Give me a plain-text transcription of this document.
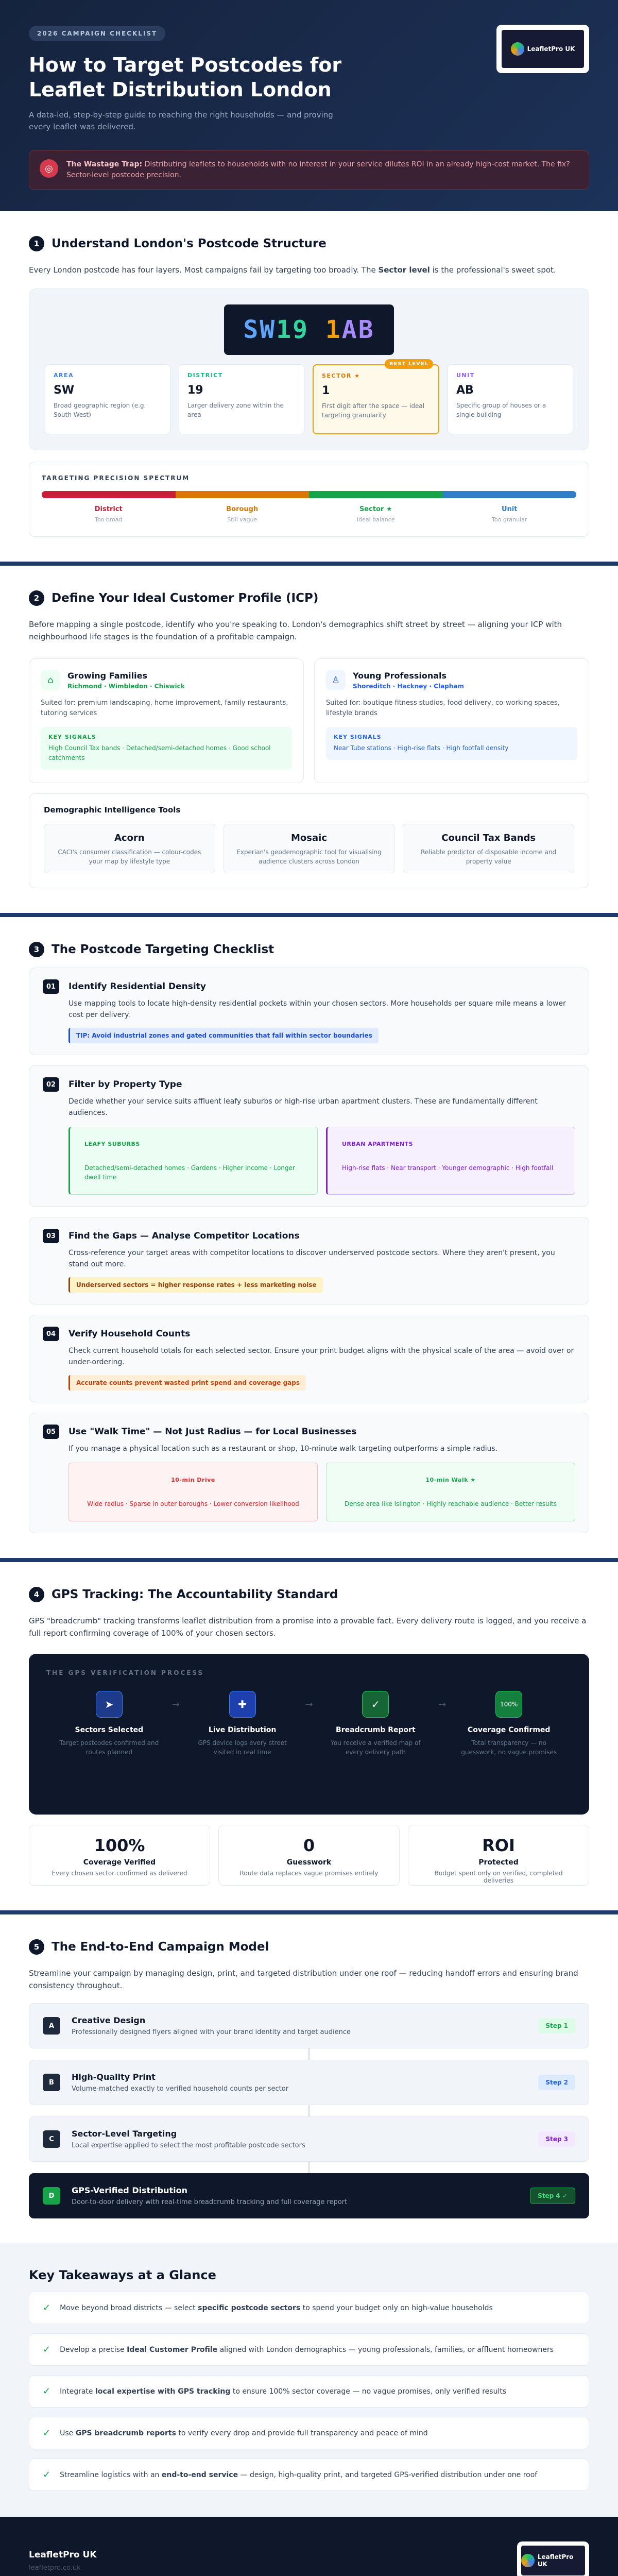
2026 CAMPAIGN CHECKLIST
How to Target Postcodes for Leaflet Distribution London

A data-led, step-by-step guide to reaching the right households — and proving every leaflet was delivered.

LeafletPro UK
◎	The Wastage Trap: Distributing leaflets to households with no interest in your service dilutes ROI in an already high-cost market. The fix? Sector-level postcode precision.

1	Understand London's Postcode Structure

Every London postcode has four layers. Most campaigns fail by targeting too broadly. The Sector level is the professional's sweet spot.

SW 19
1 AB
AREA
SW
Broad geographic region (e.g. South West)
DISTRICT
19
Larger delivery zone within the area
BEST LEVEL
SECTOR ★
1
First digit after the space — ideal targeting granularity
UNIT
AB
Specific group of houses or a single building
TARGETING PRECISION SPECTRUM
District
Too broad
Borough
Still vague
Sector ★
Ideal balance
Unit
Too granular
2	Define Your Ideal Customer Profile (ICP)

Before mapping a single postcode, identify who you're speaking to. London's demographics shift street by street — aligning your ICP with neighbourhood life stages is the foundation of a profitable campaign.

⌂	Growing Families
Richmond · Wimbledon · Chiswick

Suited for: premium landscaping, home improvement, family restaurants, tutoring services

KEY SIGNALS
High Council Tax bands · Detached/semi-detached homes · Good school catchments
♙	Young Professionals
Shoreditch · Hackney · Clapham

Suited for: boutique fitness studios, food delivery, co-working spaces, lifestyle brands

KEY SIGNALS
Near Tube stations · High-rise flats · High footfall density
Demographic Intelligence Tools
Acorn
CACI's consumer classification — colour-codes your map by lifestyle type
Mosaic
Experian's geodemographic tool for visualising audience clusters across London
Council Tax Bands
Reliable predictor of disposable income and property value
3	The Postcode Targeting Checklist
01	Identify Residential Density

Use mapping tools to locate high-density residential pockets within your chosen sectors. More households per square mile means a lower cost per delivery.

TIP: Avoid industrial zones and gated communities that fall within sector boundaries
02	Filter by Property Type

Decide whether your service suits affluent leafy suburbs or high-rise urban apartment clusters. These are fundamentally different audiences.

LEAFY SUBURBS
Detached/semi-detached homes · Gardens · Higher income · Longer dwell time
URBAN APARTMENTS
High-rise flats · Near transport · Younger demographic · High footfall
03	Find the Gaps — Analyse Competitor Locations

Cross-reference your target areas with competitor locations to discover underserved postcode sectors. Where they aren't present, you stand out more.

Underserved sectors = higher response rates + less marketing noise
04	Verify Household Counts

Check current household totals for each selected sector. Ensure your print budget aligns with the physical scale of the area — avoid over or under-ordering.

Accurate counts prevent wasted print spend and coverage gaps
05	Use "Walk Time" — Not Just Radius — for Local Businesses

If you manage a physical location such as a restaurant or shop, 10-minute walk targeting outperforms a simple radius.

10-min Drive
Wide radius · Sparse in outer boroughs · Lower conversion likelihood
10-min Walk ★
Dense area like Islington · Highly reachable audience · Better results
4	GPS Tracking: The Accountability Standard

GPS "breadcrumb" tracking transforms leaflet distribution from a promise into a provable fact. Every delivery route is logged, and you receive a full report confirming coverage of 100% of your chosen sectors.

THE GPS VERIFICATION PROCESS
➤
Sectors Selected
Target postcodes confirmed and routes planned
→	✚
Live Distribution
GPS device logs every street visited in real time
→	✓
Breadcrumb Report
You receive a verified map of every delivery path
→	100%
Coverage Confirmed
Total transparency — no guesswork, no vague promises
100%
Coverage Verified
Every chosen sector confirmed as delivered
0
Guesswork
Route data replaces vague promises entirely
ROI
Protected
Budget spent only on verified, completed deliveries
5	The End-to-End Campaign Model

Streamline your campaign by managing design, print, and targeted distribution under one roof — reducing handoff errors and ensuring brand consistency throughout.

A
Creative Design
Professionally designed flyers aligned with your brand identity and target audience
Step 1
B
High-Quality Print
Volume-matched exactly to verified household counts per sector
Step 2
C
Sector-Level Targeting
Local expertise applied to select the most profitable postcode sectors
Step 3
D
GPS-Verified Distribution
Door-to-door delivery with real-time breadcrumb tracking and full coverage report
Step 4 ✓
Key Takeaways at a Glance
✓ Move beyond broad districts — select specific postcode sectors to spend your budget only on high-value households

✓ Develop a precise Ideal Customer Profile aligned with London demographics — young professionals, families, or affluent homeowners

✓ Integrate local expertise with GPS tracking to ensure 100% sector coverage — no vague promises, only verified results

✓ Use GPS breadcrumb reports to verify every drop and provide full transparency and peace of mind

✓ Streamline logistics with an end-to-end service — design, high-quality print, and targeted GPS-verified distribution under one roof

LeafletPro UK
leafletpro.co.uk
LeafletPro UK
